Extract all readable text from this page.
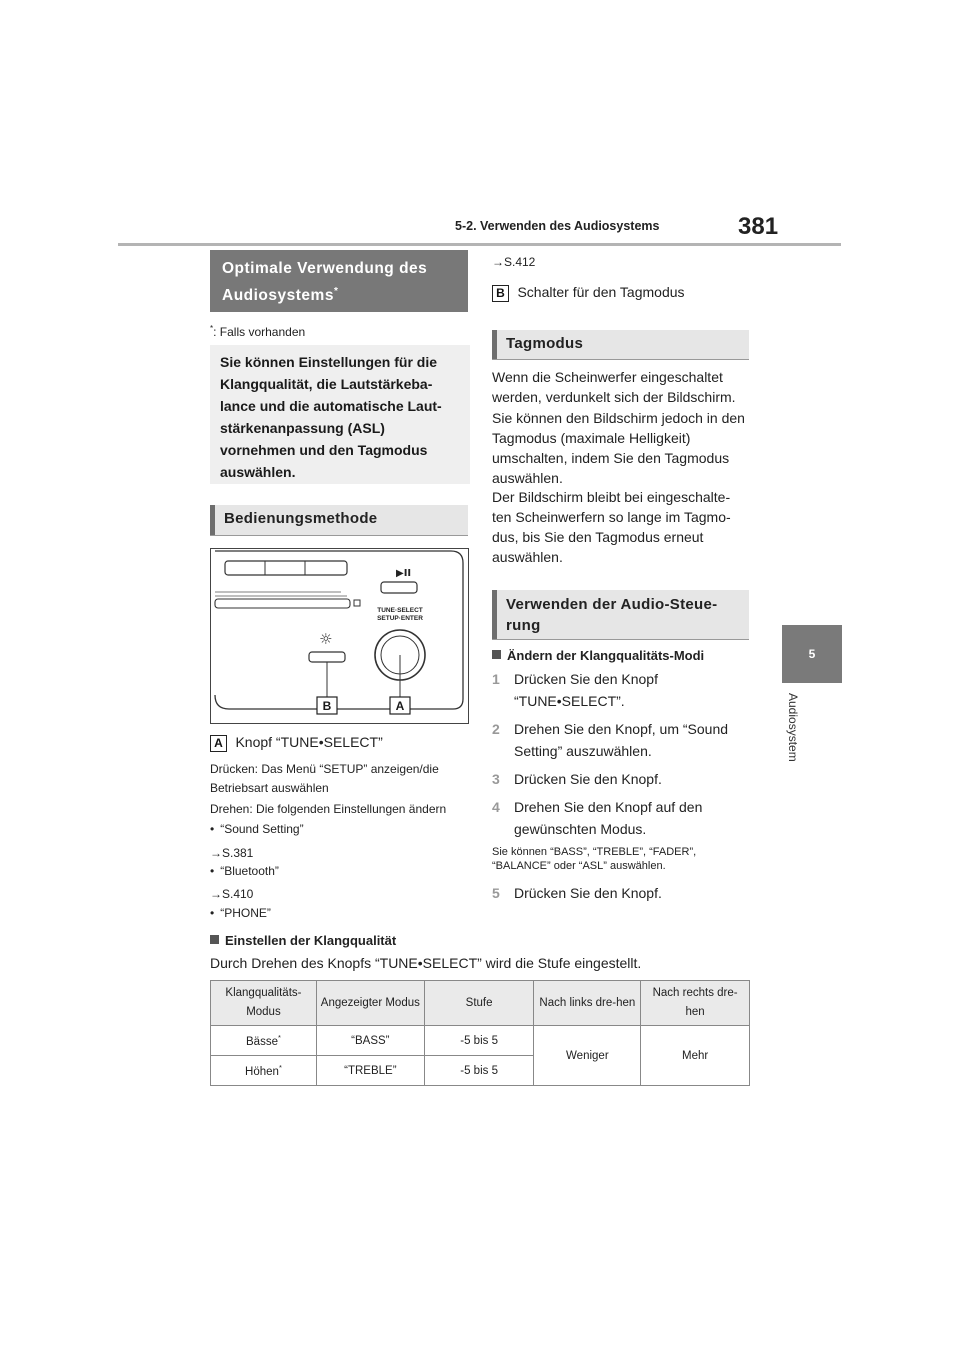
5-2. Verwenden des Audiosystems	381
5
Audiosystem
Optimale Verwendung des
Audiosystems*
*: Falls vorhanden

Sie können Einstellungen für die Klangqualität, die Lautstärkeba-lance und die automatische Laut-stärkenanpassung (ASL) vornehmen und den Tagmodus auswählen.

Bedienungsmethode
▶II
☼
TUNE·SELECT
SETUP·ENTER
B	A
A Knopf “TUNE•SELECT”
Drücken: Das Menü “SETUP” anzeigen/die Betriebsart auswählen
Drehen: Die folgenden Einstellungen ändern
• “Sound Setting”
→S.381
• “Bluetooth”
→S.410
• “PHONE”
→S.412
B Schalter für den Tagmodus
Tagmodus
Wenn die Scheinwerfer eingeschaltet werden, verdunkelt sich der Bildschirm.
Sie können den Bildschirm jedoch in den Tagmodus (maximale Helligkeit) umschalten, indem Sie den Tagmodus auswählen.
Der Bildschirm bleibt bei eingeschalte-ten Scheinwerfern so lange im Tagmo-dus, bis Sie den Tagmodus erneut auswählen.
Verwenden der Audio-Steue-rung
Ändern der Klangqualitäts-Modi
1 Drücken Sie den Knopf “TUNE•SELECT”.
2 Drehen Sie den Knopf, um “Sound Setting” auszuwählen.
3 Drücken Sie den Knopf.
4 Drehen Sie den Knopf auf den gewünschten Modus.
Sie können “BASS”, “TREBLE”, “FADER”, “BALANCE” oder “ASL” auswählen.
5 Drücken Sie den Knopf.
Einstellen der Klangqualität
Durch Drehen des Knopfs “TUNE•SELECT” wird die Stufe eingestellt.
Klangqualitäts-Modus	Angezeigter Modus	Stufe	Nach links dre-hen	Nach rechts dre-hen
Bässe*	“BASS”	-5 bis 5	Weniger	Mehr
Höhen*	“TREBLE”	-5 bis 5		
